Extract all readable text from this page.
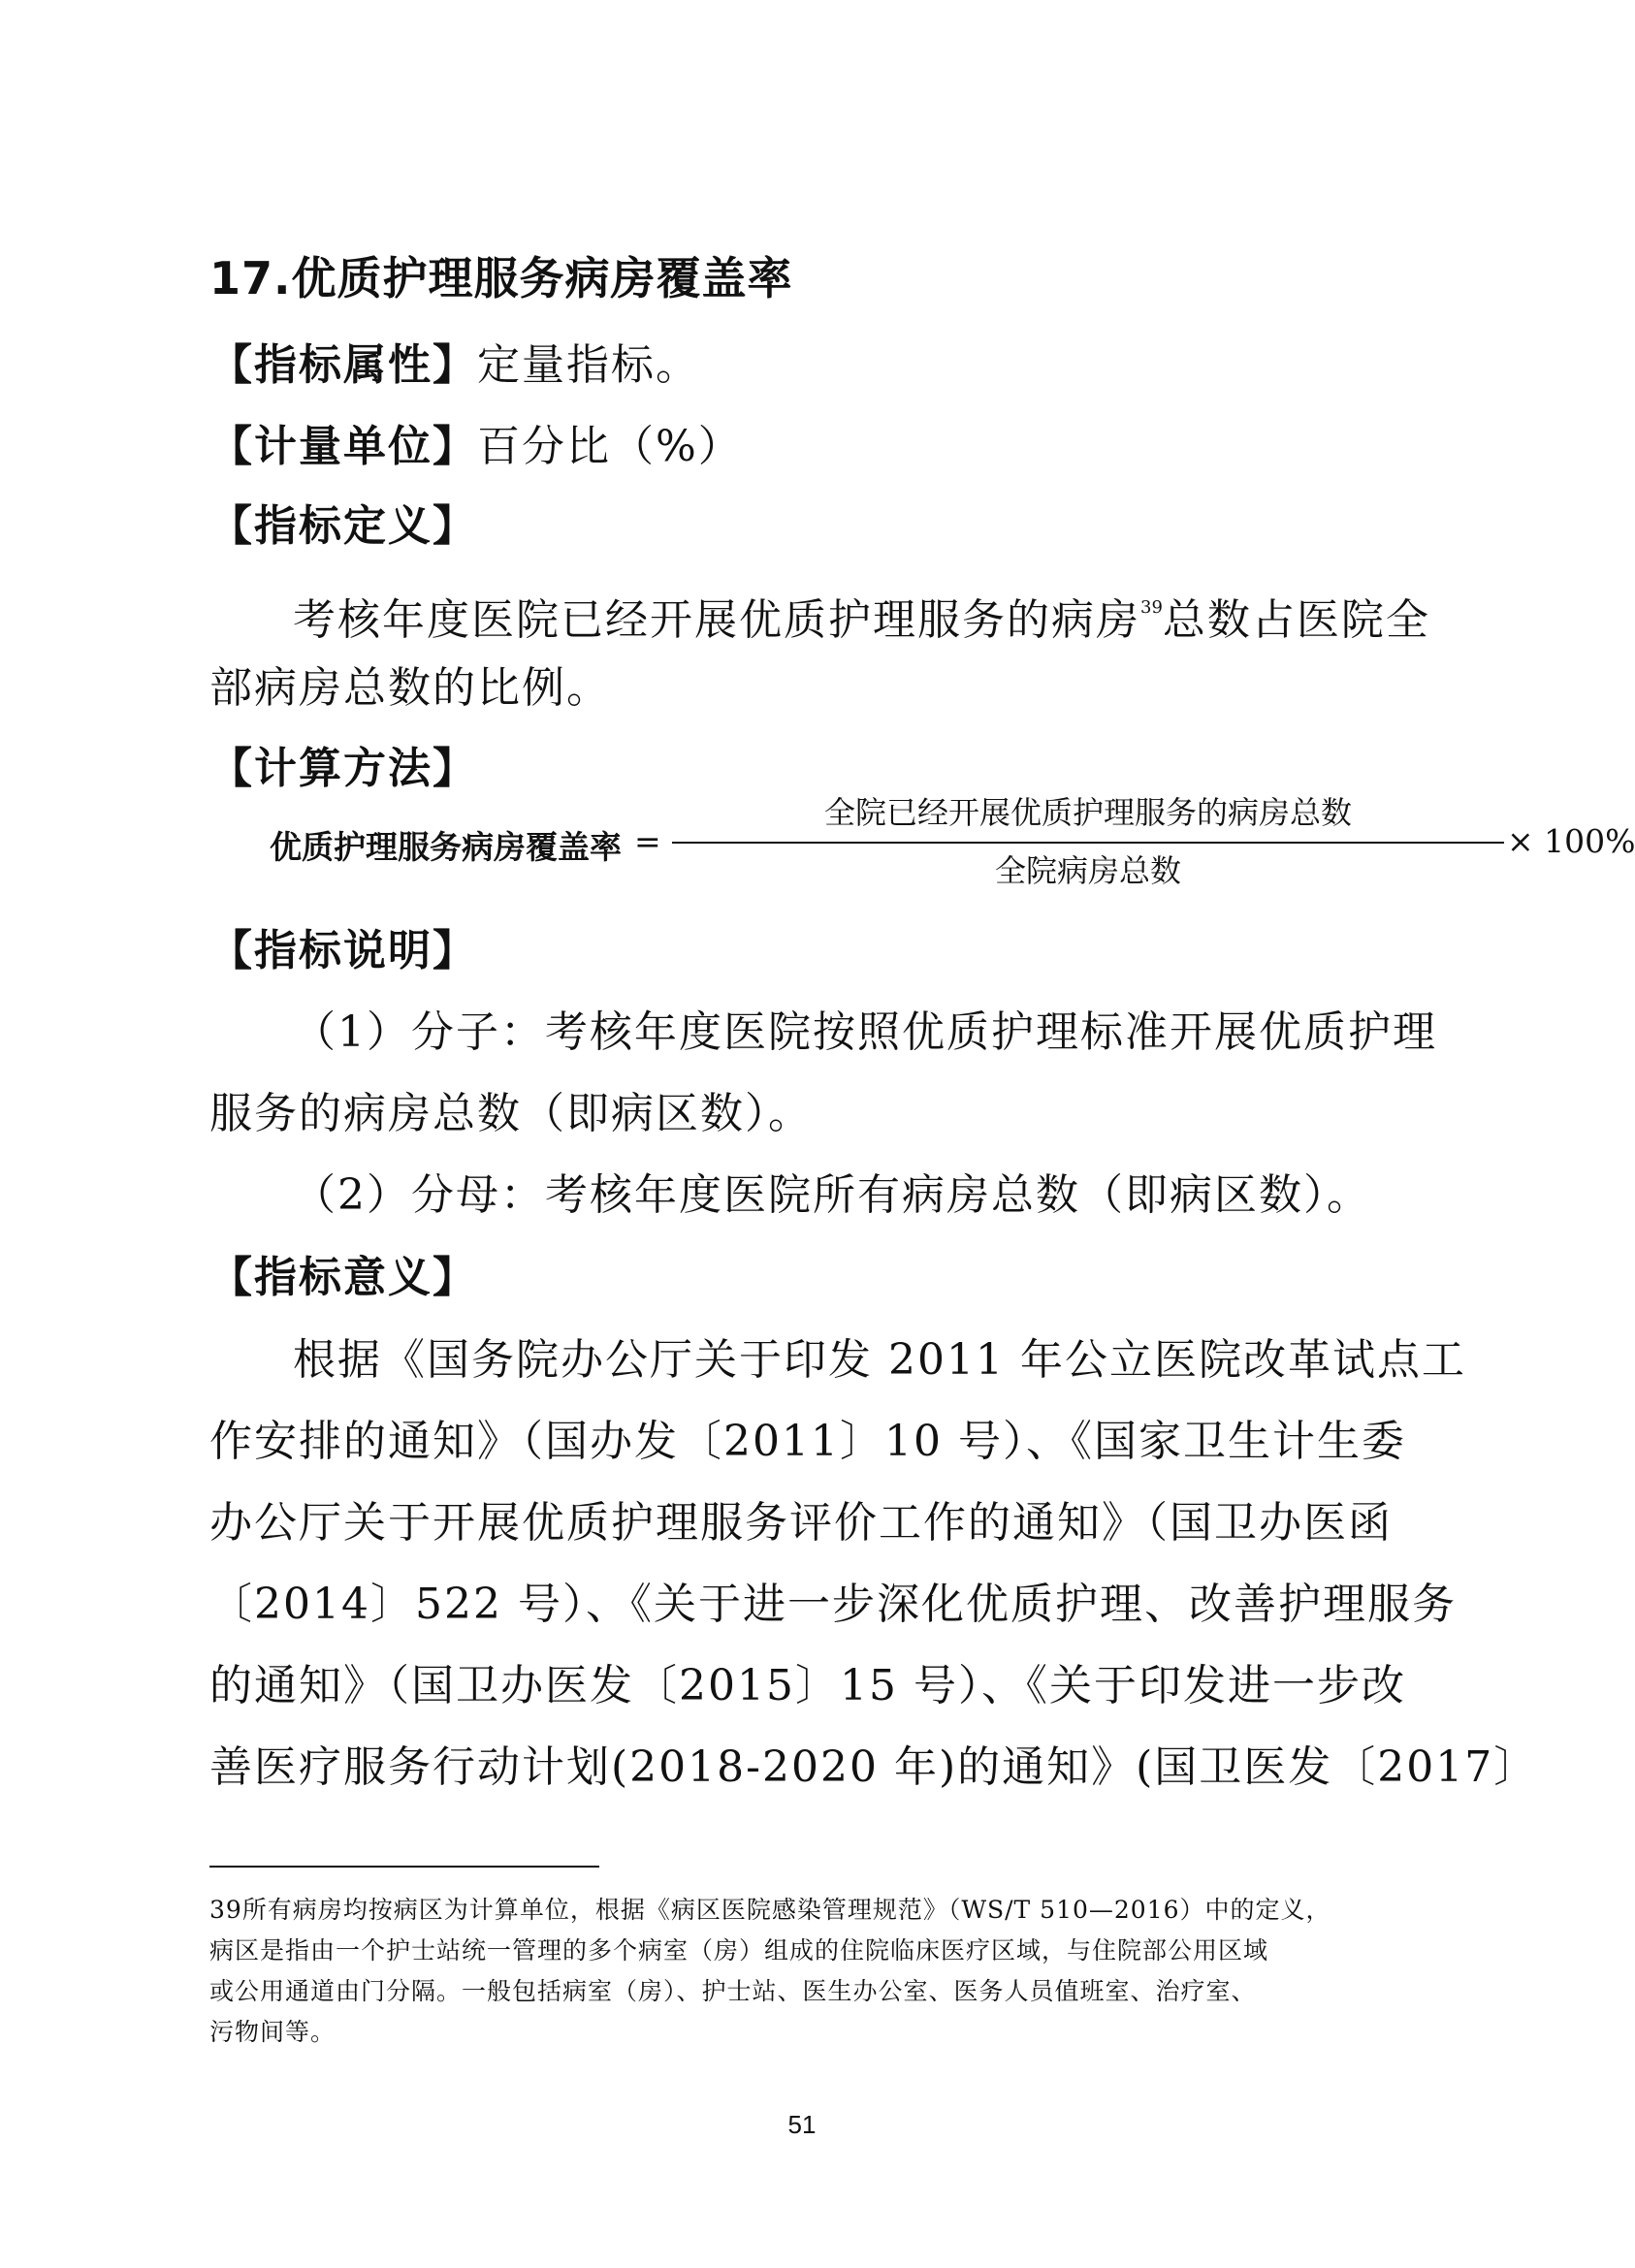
17.优质护理服务病房覆盖率
【指标属性】定量指标。
【计量单位】百分比（%）
【指标定义】
考核年度医院已经开展优质护理服务的病房$^{39}$总数占医院全
部病房总数的比例。
【计算方法】
优质护理服务病房覆盖率 =
全院已经开展优质护理服务的病房总数
全院病房总数
× 100%
【指标说明】
（1）分子：考核年度医院按照优质护理标准开展优质护理
服务的病房总数（即病区数）。
（2）分母：考核年度医院所有病房总数（即病区数）。
【指标意义】
根据《国务院办公厅关于印发 2011 年公立医院改革试点工
作安排的通知》（国办发〔2011〕10 号）、《国家卫生计生委
办公厅关于开展优质护理服务评价工作的通知》（国卫办医函
〔2014〕522 号）、《关于进一步深化优质护理、改善护理服务
的通知》（国卫办医发〔2015〕15 号）、《关于印发进一步改
善医疗服务行动计划(2018-2020 年)的通知》(国卫医发〔2017〕
39所有病房均按病区为计算单位，根据《病区医院感染管理规范》（WS/T 510—2016）中的定义，
病区是指由一个护士站统一管理的多个病室（房）组成的住院临床医疗区域，与住院部公用区域
或公用通道由门分隔。一般包括病室（房）、护士站、医生办公室、医务人员值班室、治疗室、
污物间等。
51
